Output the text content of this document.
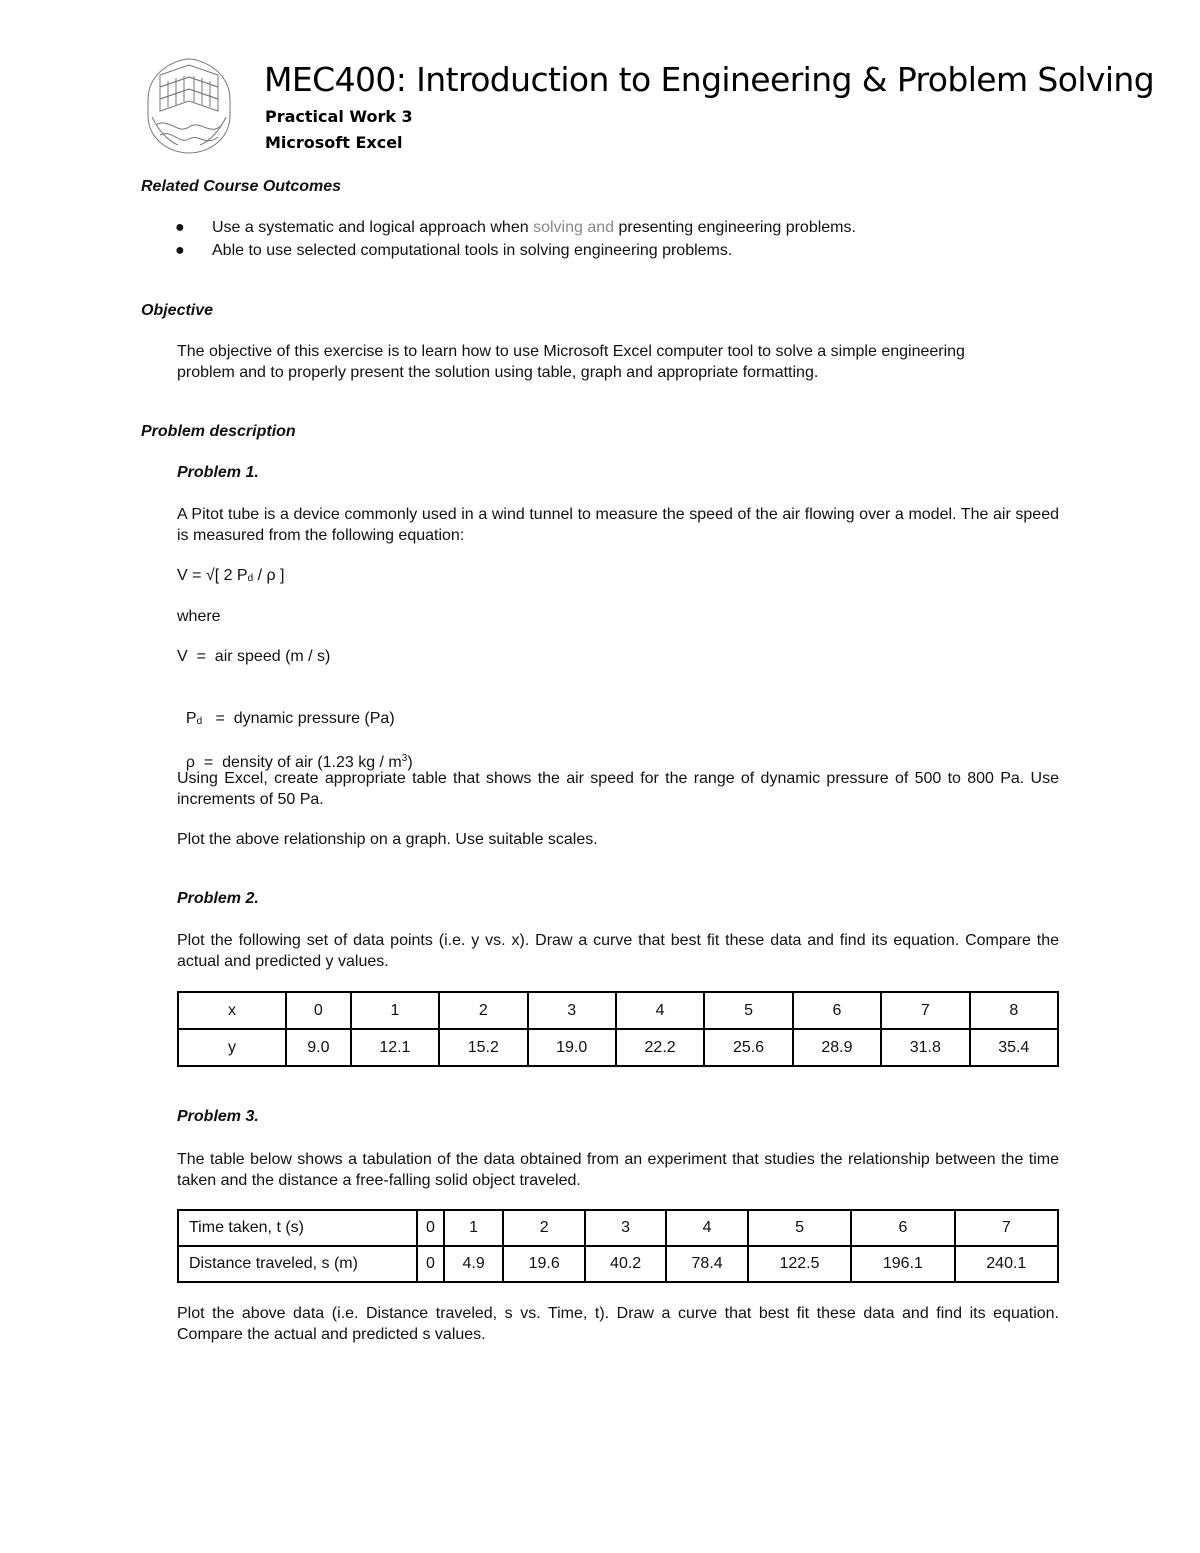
MEC400: Introduction to Engineering & Problem Solving
Practical Work 3
Microsoft Excel
Related Course Outcomes
● Use a systematic and logical approach when solving and presenting engineering problems.
● Able to use selected computational tools in solving engineering problems.
Objective
The objective of this exercise is to learn how to use Microsoft Excel computer tool to solve a simple engineering
problem and to properly present the solution using table, graph and appropriate formatting.
Problem description
Problem 1.
A Pitot tube is a device commonly used in a wind tunnel to measure the speed of the air flowing over a model. The air speed is measured from the following equation:
V = √[ 2 $P_d$ / ρ ]
where
V  =  air speed (m / s)

$P_d$   =  dynamic pressure (Pa)

ρ  =  density of air (1.23 kg / $m^3$)

Using Excel, create appropriate table that shows the air speed for the range of dynamic pressure of 500 to 800 Pa. Use increments of 50 Pa.
Plot the above relationship on a graph. Use suitable scales.
Problem 2.
Plot the following set of data points (i.e. y vs. x). Draw a curve that best fit these data and find its equation. Compare the actual and predicted y values.
x	0	1	2	3	4	5	6	7	8
y	9.0	12.1	15.2	19.0	22.2	25.6	28.9	31.8	35.4
Problem 3.
The table below shows a tabulation of the data obtained from an experiment that studies the relationship between the time taken and the distance a free-falling solid object traveled.
Time taken, t (s)	0	1	2	3	4	5	6	7
Distance traveled, s (m)	0	4.9	19.6	40.2	78.4	122.5	196.1	240.1
Plot the above data (i.e. Distance traveled, s vs. Time, t). Draw a curve that best fit these data and find its equation. Compare the actual and predicted s values.
